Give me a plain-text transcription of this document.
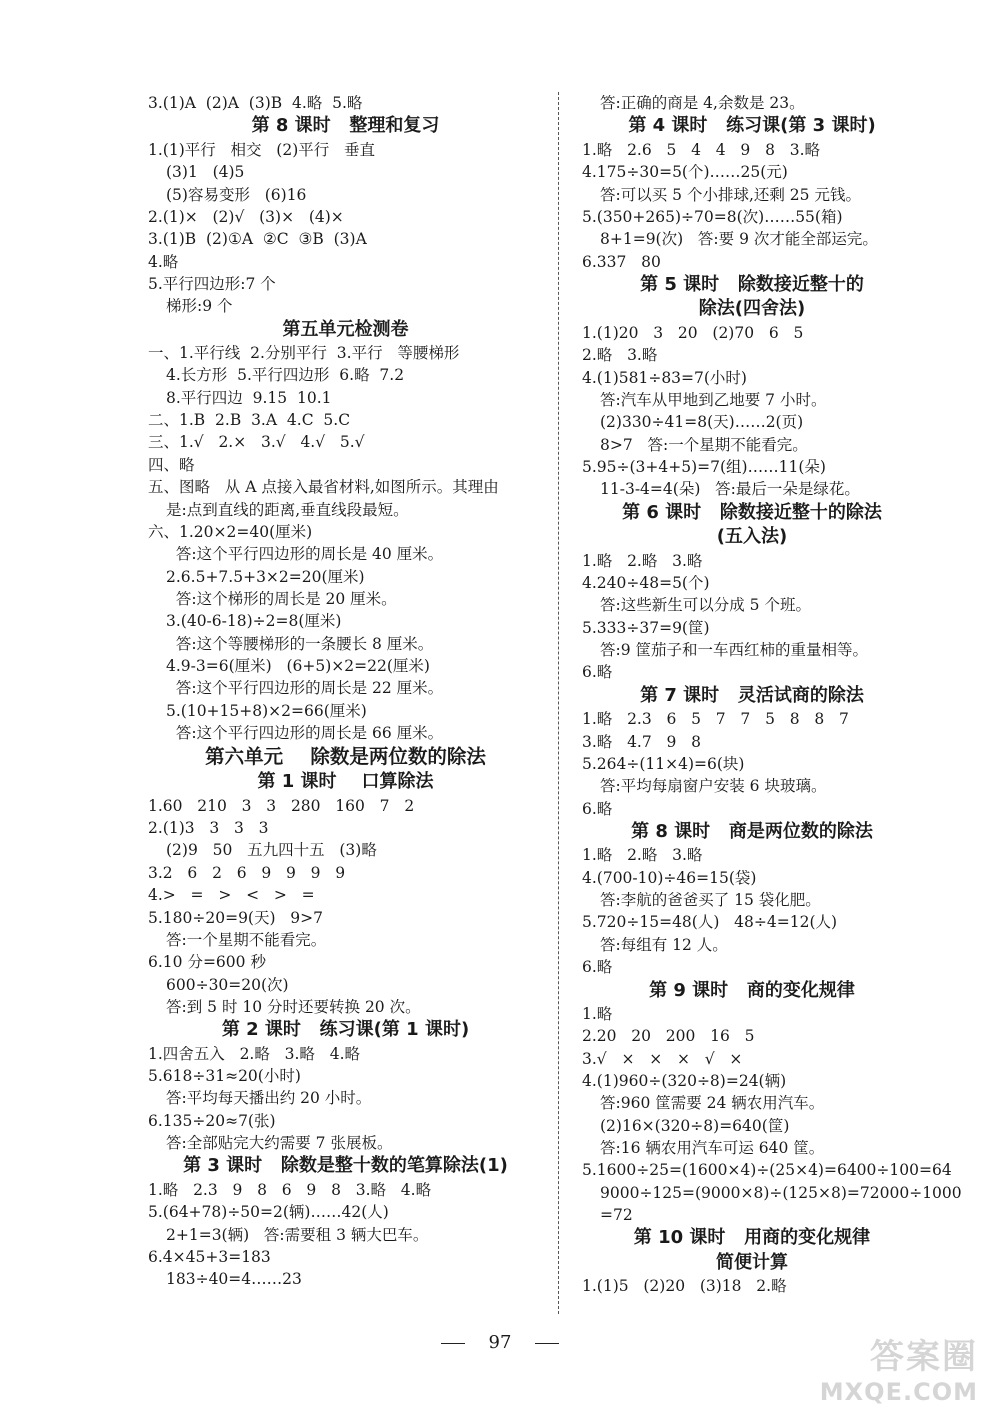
3.(1)A  (2)A  (3)B  4.略  5.略
第 8 课时   整理和复习
1.(1)平行   相交   (2)平行   垂直
(3)1   (4)5
(5)容易变形   (6)16
2.(1)×   (2)√   (3)×   (4)×
3.(1)B  (2)①A  ②C  ③B  (3)A
4.略
5.平行四边形:7 个
梯形:9 个
第五单元检测卷
一、1.平行线  2.分别平行  3.平行   等腰梯形
4.长方形  5.平行四边形  6.略  7.2
8.平行四边  9.15  10.1
二、1.B  2.B  3.A  4.C  5.C
三、1.√   2.×   3.√   4.√   5.√
四、略
五、图略   从 A 点接入最省材料,如图所示。其理由
是:点到直线的距离,垂直线段最短。
六、1.20×2=40(厘米)
答:这个平行四边形的周长是 40 厘米。
2.6.5+7.5+3×2=20(厘米)
答:这个梯形的周长是 20 厘米。
3.(40-6-18)÷2=8(厘米)
答:这个等腰梯形的一条腰长 8 厘米。
4.9-3=6(厘米)   (6+5)×2=22(厘米)
答:这个平行四边形的周长是 22 厘米。
5.(10+15+8)×2=66(厘米)
答:这个平行四边形的周长是 66 厘米。
第六单元    除数是两位数的除法
第 1 课时    口算除法
1.60   210   3   3   280   160   7   2
2.(1)3   3   3   3
(2)9   50   五九四十五   (3)略
3.2   6   2   6   9   9   9   9
4.>   =   >   <   >   =
5.180÷20=9(天)   9>7
答:一个星期不能看完。
6.10 分=600 秒
600÷30=20(次)
答:到 5 时 10 分时还要转换 20 次。
第 2 课时   练习课(第 1 课时)
1.四舍五入   2.略   3.略   4.略
5.618÷31≈20(小时)
答:平均每天播出约 20 小时。
6.135÷20≈7(张)
答:全部贴完大约需要 7 张展板。
第 3 课时   除数是整十数的笔算除法(1)
1.略   2.3   9   8   6   9   8   3.略   4.略
5.(64+78)÷50=2(辆)……42(人)
2+1=3(辆)   答:需要租 3 辆大巴车。
6.4×45+3=183
183÷40=4……23
答:正确的商是 4,余数是 23。
第 4 课时   练习课(第 3 课时)
1.略   2.6   5   4   4   9   8   3.略
4.175÷30=5(个)……25(元)
答:可以买 5 个小排球,还剩 25 元钱。
5.(350+265)÷70=8(次)……55(箱)
8+1=9(次)   答:要 9 次才能全部运完。
6.337   80
第 5 课时   除数接近整十的
除法(四舍法)
1.(1)20   3   20   (2)70   6   5
2.略   3.略
4.(1)581÷83=7(小时)
答:汽车从甲地到乙地要 7 小时。
(2)330÷41=8(天)……2(页)
8>7   答:一个星期不能看完。
5.95÷(3+4+5)=7(组)……11(朵)
11-3-4=4(朵)   答:最后一朵是绿花。
第 6 课时   除数接近整十的除法
(五入法)
1.略   2.略   3.略
4.240÷48=5(个)
答:这些新生可以分成 5 个班。
5.333÷37=9(筐)
答:9 筐茄子和一车西红柿的重量相等。
6.略
第 7 课时   灵活试商的除法
1.略   2.3   6   5   7   7   5   8   8   7
3.略   4.7   9   8
5.264÷(11×4)=6(块)
答:平均每扇窗户安装 6 块玻璃。
6.略
第 8 课时   商是两位数的除法
1.略   2.略   3.略
4.(700-10)÷46=15(袋)
答:李航的爸爸买了 15 袋化肥。
5.720÷15=48(人)   48÷4=12(人)
答:每组有 12 人。
6.略
第 9 课时   商的变化规律
1.略
2.20   20   200   16   5
3.√   ×   ×   ×   √   ×
4.(1)960÷(320÷8)=24(辆)
答:960 筐需要 24 辆农用汽车。
(2)16×(320÷8)=640(筐)
答:16 辆农用汽车可运 640 筐。
5.1600÷25=(1600×4)÷(25×4)=6400÷100=64
9000÷125=(9000×8)÷(125×8)=72000÷1000
=72
第 10 课时   用商的变化规律
简便计算
1.(1)5   (2)20   (3)18   2.略
97	答案圈
MXQE.COM
